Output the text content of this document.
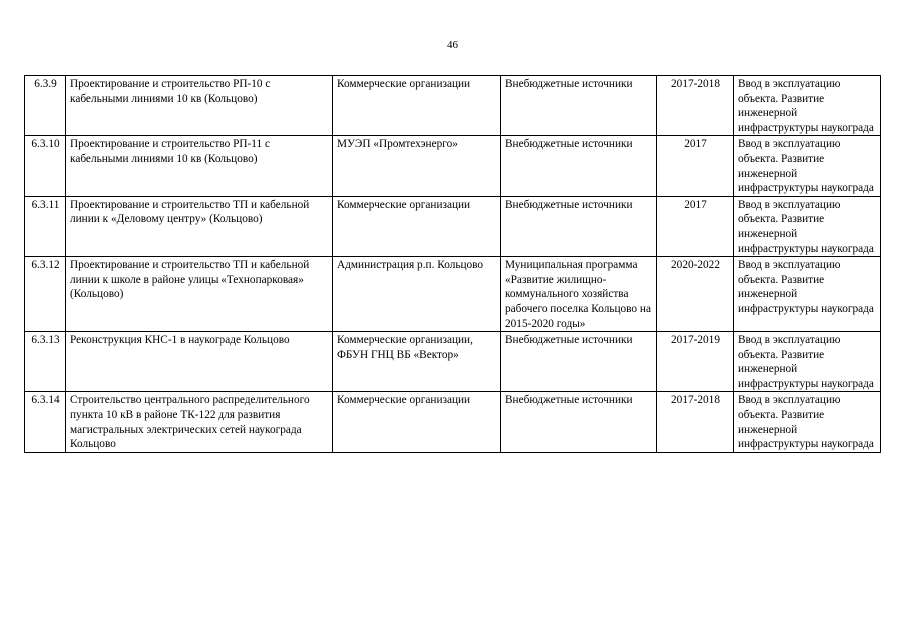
46
6.3.9	Проектирование и строительство РП-10 с кабельными линиями 10 кв (Кольцово)	Коммерческие организации	Внебюджетные источники	2017-2018	Ввод в эксплуатацию объекта. Развитие инженерной инфраструктуры наукограда
6.3.10	Проектирование и строительство РП-11 с кабельными линиями 10 кв (Кольцово)	МУЭП «Промтехэнерго»	Внебюджетные источники	2017	Ввод в эксплуатацию объекта. Развитие инженерной инфраструктуры наукограда
6.3.11	Проектирование и строительство ТП и кабельной линии к «Деловому центру» (Кольцово)	Коммерческие организации	Внебюджетные источники	2017	Ввод в эксплуатацию объекта. Развитие инженерной инфраструктуры наукограда
6.3.12	Проектирование и строительство ТП и кабельной линии к школе в районе улицы «Технопарковая» (Кольцово)	Администрация р.п. Кольцово	Муниципальная программа «Развитие жилищно-коммунального хозяйства рабочего поселка Кольцово на 2015-2020 годы»	2020-2022	Ввод в эксплуатацию объекта. Развитие инженерной инфраструктуры наукограда
6.3.13	Реконструкция КНС-1 в наукограде Кольцово	Коммерческие организации, ФБУН ГНЦ ВБ «Вектор»	Внебюджетные источники	2017-2019	Ввод в эксплуатацию объекта. Развитие инженерной инфраструктуры наукограда
6.3.14	Строительство центрального распределительного пункта 10 кВ в районе ТК-122 для развития магистральных электрических сетей наукограда Кольцово	Коммерческие организации	Внебюджетные источники	2017-2018	Ввод в эксплуатацию объекта. Развитие инженерной инфраструктуры наукограда
